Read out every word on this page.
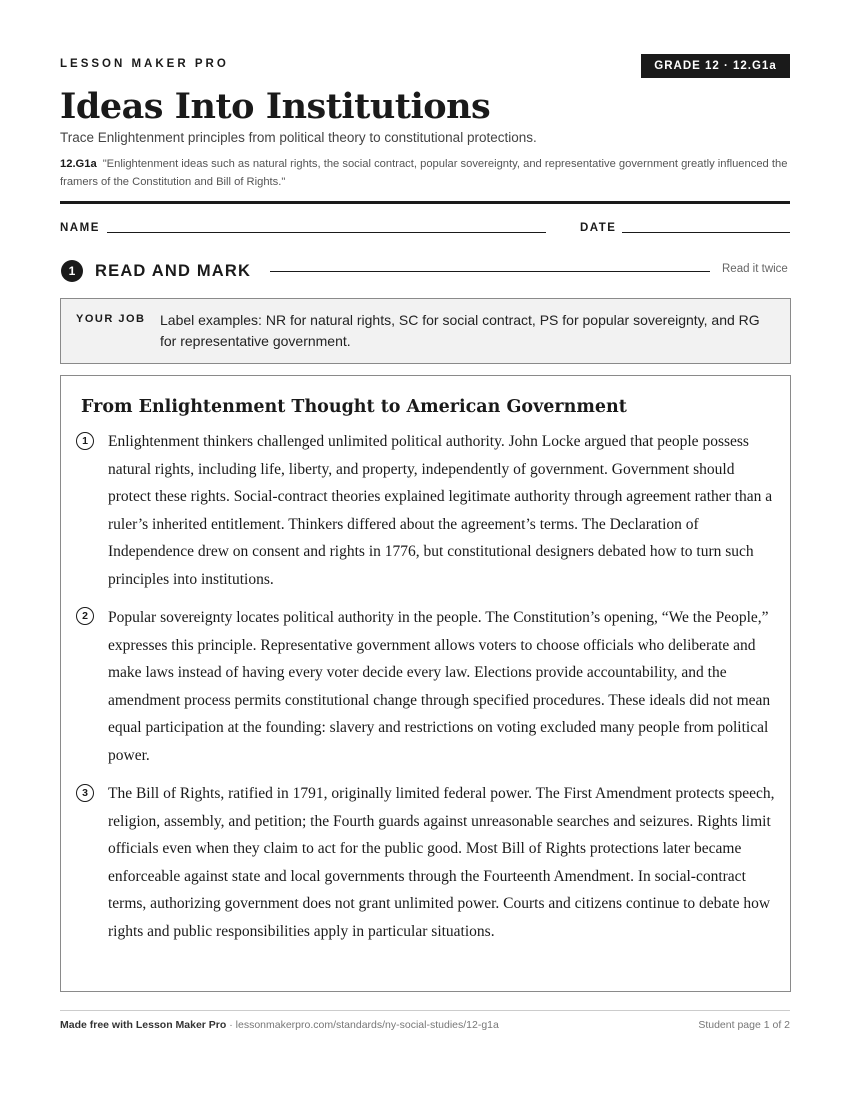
LESSON MAKER PRO	GRADE 12 · 12.G1a
Ideas Into Institutions
Trace Enlightenment principles from political theory to constitutional protections.
12.G1a "Enlightenment ideas such as natural rights, the social contract, popular sovereignty, and representative government greatly influenced the framers of the Constitution and Bill of Rights."
NAME	DATE
1	READ AND MARK	Read it twice
YOUR JOB Label examples: NR for natural rights, SC for social contract, PS for popular sovereignty, and RG for representative government.
From Enlightenment Thought to American Government
1	Enlightenment thinkers challenged unlimited political authority. John Locke argued that people possess natural rights, including life, liberty, and property, independently of government. Government should protect these rights. Social-contract theories explained legitimate authority through agreement rather than a ruler’s inherited entitlement. Thinkers differed about the agreement’s terms. The Declaration of Independence drew on consent and rights in 1776, but constitutional designers debated how to turn such principles into institutions.

2	Popular sovereignty locates political authority in the people. The Constitution’s opening, “We the People,” expresses this principle. Representative government allows voters to choose officials who deliberate and make laws instead of having every voter decide every law. Elections provide accountability, and the amendment process permits constitutional change through specified procedures. These ideals did not mean equal participation at the founding: slavery and restrictions on voting excluded many people from political power.

3	The Bill of Rights, ratified in 1791, originally limited federal power. The First Amendment protects speech, religion, assembly, and petition; the Fourth guards against unreasonable searches and seizures. Rights limit officials even when they claim to act for the public good. Most Bill of Rights protections later became enforceable against state and local governments through the Fourteenth Amendment. In social-contract terms, authorizing government does not grant unlimited power. Courts and citizens continue to debate how rights and public responsibilities apply in particular situations.

Made free with Lesson Maker Pro · lessonmakerpro.com/standards/ny-social-studies/12-g1a	Student page 1 of 2
